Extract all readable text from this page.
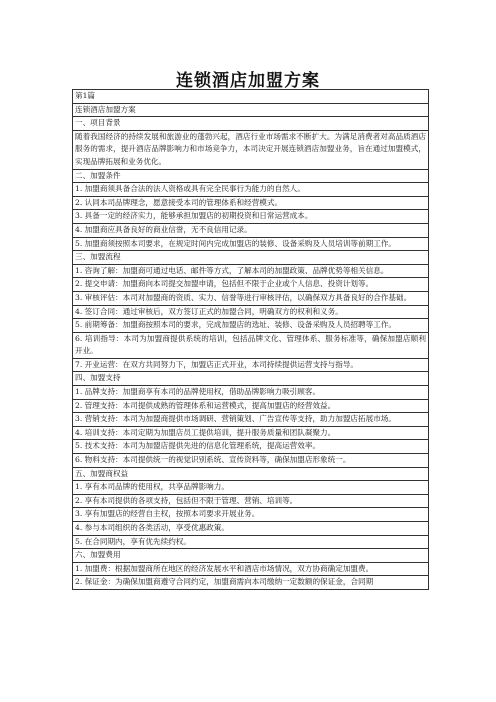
连锁酒店加盟方案
第1篇
连锁酒店加盟方案
一、项目背景
随着我国经济的持续发展和旅游业的蓬勃兴起，酒店行业市场需求不断扩大。为满足消费者对高品质酒店服务的需求，提升酒店品牌影响力和市场竞争力，本司决定开展连锁酒店加盟业务，旨在通过加盟模式，实现品牌拓展和业务优化。
二、加盟条件
1. 加盟商须具备合法的法人资格或具有完全民事行为能力的自然人。
2. 认同本司品牌理念，愿意接受本司的管理体系和经营模式。
3. 具备一定的经济实力，能够承担加盟店的初期投资和日常运营成本。
4. 加盟商应具备良好的商业信誉，无不良信用记录。
5. 加盟商须按照本司要求，在规定时间内完成加盟店的装修、设备采购及人员培训等前期工作。
三、加盟流程
1. 咨询了解：加盟商可通过电话、邮件等方式，了解本司的加盟政策、品牌优势等相关信息。
2. 提交申请：加盟商向本司提交加盟申请，包括但不限于企业或个人信息、投资计划等。
3. 审核评估：本司对加盟商的资质、实力、信誉等进行审核评估，以确保双方具备良好的合作基础。
4. 签订合同：通过审核后，双方签订正式的加盟合同，明确双方的权利和义务。
5. 前期筹备：加盟商按照本司的要求，完成加盟店的选址、装修、设备采购及人员招聘等工作。
6. 培训指导：本司为加盟商提供系统的培训，包括品牌文化、管理体系、服务标准等，确保加盟店顺利开业。
7. 开业运营：在双方共同努力下，加盟店正式开业，本司持续提供运营支持与指导。
四、加盟支持
1. 品牌支持：加盟商享有本司的品牌使用权，借助品牌影响力吸引顾客。
2. 管理支持：本司提供成熟的管理体系和运营模式，提高加盟店的经营效益。
3. 营销支持：本司为加盟商提供市场调研、营销策划、广告宣传等支持，助力加盟店拓展市场。
4. 培训支持：本司定期为加盟店员工提供培训，提升服务质量和团队凝聚力。
5. 技术支持：本司为加盟店提供先进的信息化管理系统，提高运营效率。
6. 物料支持：本司提供统一的视觉识别系统、宣传资料等，确保加盟店形象统一。
五、加盟商权益
1. 享有本司品牌的使用权，共享品牌影响力。
2. 享有本司提供的各项支持，包括但不限于管理、营销、培训等。
3. 享有加盟店的经营自主权，按照本司要求开展业务。
4. 参与本司组织的各类活动，享受优惠政策。
5. 在合同期内，享有优先续约权。
六、加盟费用
1. 加盟费：根据加盟商所在地区的经济发展水平和酒店市场情况，双方协商确定加盟费。
2. 保证金：为确保加盟商遵守合同约定，加盟商需向本司缴纳一定数额的保证金，合同期
